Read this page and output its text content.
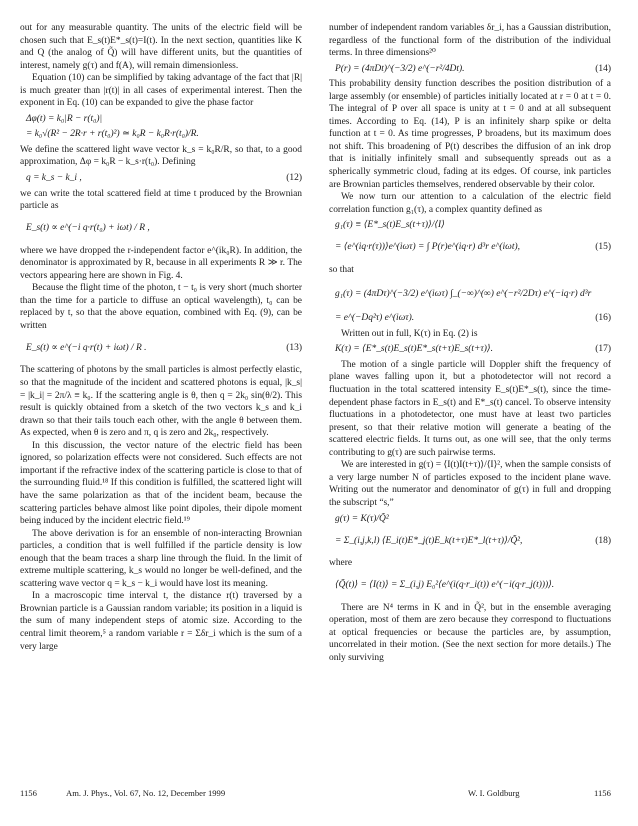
out for any measurable quantity. The units of the electric field will be chosen such that E_s(t)E*_s(t)=I(t). In the next section, quantities like K and Q (the analog of Q̃) will have different units, but the quantities of interest, namely g(τ) and f(A), will remain dimensionless.

Equation (10) can be simplified by taking advantage of the fact that |R| is much greater than |r(t)| in all cases of experimental interest. Then the exponent in Eq. (10) can be expanded to give the phase factor

Δφ(t) = k₀|R − r(t₀)|
= k₀√(R² − 2R·r + r(t₀)²) ≃ k₀R − k₀R·r(t₀)/R.

We define the scattered light wave vector k_s = k₀R/R, so that, to a good approximation, Δφ = k₀R − k_s·r(t₀). Defining

q = k_s − k_i ,	(12)

we can write the total scattered field at time t produced by the Brownian particle as

E_s(t) ∝ e^(−i q·r(t₀) + iωt) / R ,

where we have dropped the r-independent factor e^(ik₀R). In addition, the denominator is approximated by R, because in all experiments R ≫ r. The vectors appearing here are shown in Fig. 4.

Because the flight time of the photon, t − t₀ is very short (much shorter than the time for a particle to diffuse an optical wavelength), t₀ can be replaced by t, so that the above equation, combined with Eq. (9), can be written

E_s(t) ∝ e^(−i q·r(t) + iωt) / R .	(13)

The scattering of photons by the small particles is almost perfectly elastic, so that the magnitude of the incident and scattered photons is equal, |k_s| = |k_i| = 2π/λ ≡ k₀. If the scattering angle is θ, then q = 2k₀ sin(θ/2). This result is quickly obtained from a sketch of the two vectors k_s and k_i drawn so that their tails touch each other, with the angle θ between them. As expected, when θ is zero and π, q is zero and 2k₀, respectively.

In this discussion, the vector nature of the electric field has been ignored, so polarization effects were not considered. Such effects are not important if the refractive index of the scattering particle is close to that of the surrounding fluid.¹⁸ If this condition is fulfilled, the scattered light will have the same polarization as that of the incident beam, because the scattering particles behave almost like point dipoles, their dipole moment being induced by the incident electric field.¹⁹

The above derivation is for an ensemble of non-interacting Brownian particles, a condition that is well fulfilled if the particle density is low enough that the beam traces a sharp line through the fluid. In the limit of extreme multiple scattering, k_s would no longer be well-defined, and the scattering wave vector q = k_s − k_i would have lost its meaning.

In a macroscopic time interval t, the distance r(t) traversed by a Brownian particle is a Gaussian random variable; its position in a liquid is the sum of many independent steps of atomic size. According to the central limit theorem,⁵ a random variable r = Σδr_i which is the sum of a very large

number of independent random variables δr_i, has a Gaussian distribution, regardless of the functional form of the distribution of the individual terms. In three dimensions²⁰

P(r) = (4πDt)^(−3/2) e^(−r²/4Dt).	(14)

This probability density function describes the position distribution of a large assembly (or ensemble) of particles initially located at r = 0 at t = 0. The integral of P over all space is unity at t = 0 and at all subsequent times. According to Eq. (14), P is an infinitely sharp spike or delta function at t = 0. As time progresses, P broadens, but its maximum does not shift. This broadening of P(t) describes the diffusion of an ink drop that is initially infinitely small and subsequently spreads out as a spherically symmetric cloud, fading at its edges. Of course, ink particles are Brownian particles themselves, rendered observable by their color.

We now turn our attention to a calculation of the electric field correlation function g₁(τ), a complex quantity defined as

g₁(τ) ≡ ⟨E*_s(t)E_s(t+τ)⟩/⟨I⟩
= ⟨e^(iq·r(τ))⟩e^(iωτ) = ∫ P(r)e^(iq·r) d³r e^(iωt),	(15)

so that

g₁(τ) = (4πDτ)^(−3/2) e^(iωτ) ∫_(−∞)^(∞) e^(−r²/2Dτ) e^(−iq·r) d³r
= e^(−Dq²τ) e^(iωτ).	(16)

Written out in full, K(τ) in Eq. (2) is

K(τ) = ⟨E*_s(t)E_s(t)E*_s(t+τ)E_s(t+τ)⟩.	(17)

The motion of a single particle will Doppler shift the frequency of plane waves falling upon it, but a photodetector will not record a fluctuation in the total scattered intensity E_s(t)E*_s(t), since the time-dependent phase factors in E_s(t) and E*_s(t) cancel. To observe intensity fluctuations in a photodetector, one must have at least two particles present, so that their relative motion will generate a beating of the scattered electric fields. It turns out, as one will see, that the only terms contributing to g(τ) are such pairwise terms.

We are interested in g(τ) = ⟨I(t)I(t+τ)⟩/⟨I⟩², when the sample consists of a very large number N of particles exposed to the incident plane wave. Writing out the numerator and denominator of g(τ) in full and dropping the subscript “s,”

g(τ) = K(τ)/Q̃²
= Σ_(i,j,k,l) ⟨E_i(t)E*_j(t)E_k(t+τ)E*_l(t+τ)⟩/Q̃²,	(18)

where

⟨Q̃(t)⟩ = ⟨I(t)⟩ = Σ_(i,j) E₀²⟨e^(i(q·r_i(t)) e^(−i(q·r_j(t)))⟩.

There are N⁴ terms in K and in Q̃², but in the ensemble averaging operation, most of them are zero because they correspond to fluctuations at optical frequencies or because the particles are, by assumption, uncorrelated in their motion. (See the next section for more details.) The only surviving

1156	Am. J. Phys., Vol. 67, No. 12, December 1999	W. I. Goldburg	1156
